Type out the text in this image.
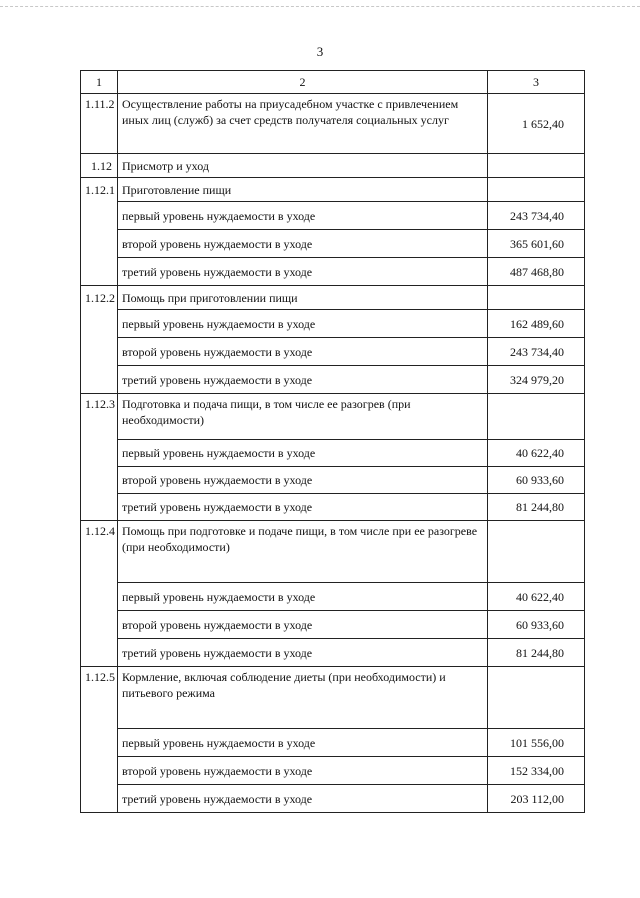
3
1	2	3
1.11.2	Осуществление работы на приусадебном участке с привлечением иных лиц (служб) за счет средств получателя социальных услуг	1 652,40
1.12	Присмотр и уход	
1.12.1	Приготовление пищи	
	первый уровень нуждаемости в уходе	243 734,40
	второй уровень нуждаемости в уходе	365 601,60
	третий уровень нуждаемости в уходе	487 468,80
1.12.2	Помощь при приготовлении пищи	
	первый уровень нуждаемости в уходе	162 489,60
	второй уровень нуждаемости в уходе	243 734,40
	третий уровень нуждаемости в уходе	324 979,20
1.12.3	Подготовка и подача пищи, в том числе ее разогрев (при необходимости)	
	первый уровень нуждаемости в уходе	40 622,40
	второй уровень нуждаемости в уходе	60 933,60
	третий уровень нуждаемости в уходе	81 244,80
1.12.4	Помощь при подготовке и подаче пищи, в том числе при ее разогреве (при необходимости)	
	первый уровень нуждаемости в уходе	40 622,40
	второй уровень нуждаемости в уходе	60 933,60
	третий уровень нуждаемости в уходе	81 244,80
1.12.5	Кормление, включая соблюдение диеты (при необходимости) и питьевого режима	
	первый уровень нуждаемости в уходе	101 556,00
	второй уровень нуждаемости в уходе	152 334,00
	третий уровень нуждаемости в уходе	203 112,00
